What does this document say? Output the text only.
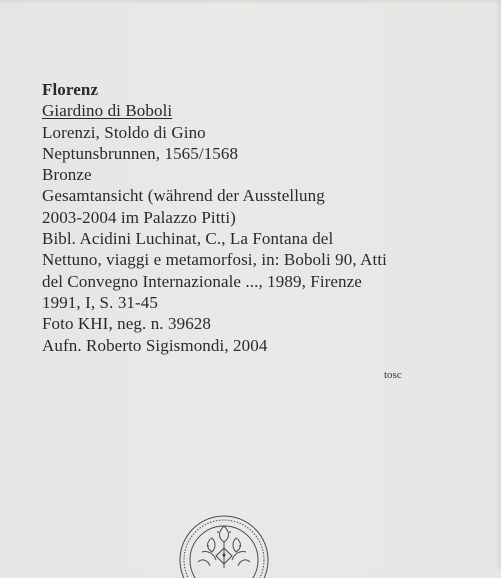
Florenz
Giardino di Boboli
Lorenzi, Stoldo di Gino
Neptunsbrunnen, 1565/1568
Bronze
Gesamtansicht (während der Ausstellung
2003-2004 im Palazzo Pitti)
Bibl. Acidini Luchinat, C., La Fontana del
Nettuno, viaggi e metamorfosi, in: Boboli 90, Atti
del Convegno Internazionale ..., 1989, Firenze
1991, I, S. 31-45
Foto KHI, neg. n. 39628
Aufn. Roberto Sigismondi, 2004
tosc
